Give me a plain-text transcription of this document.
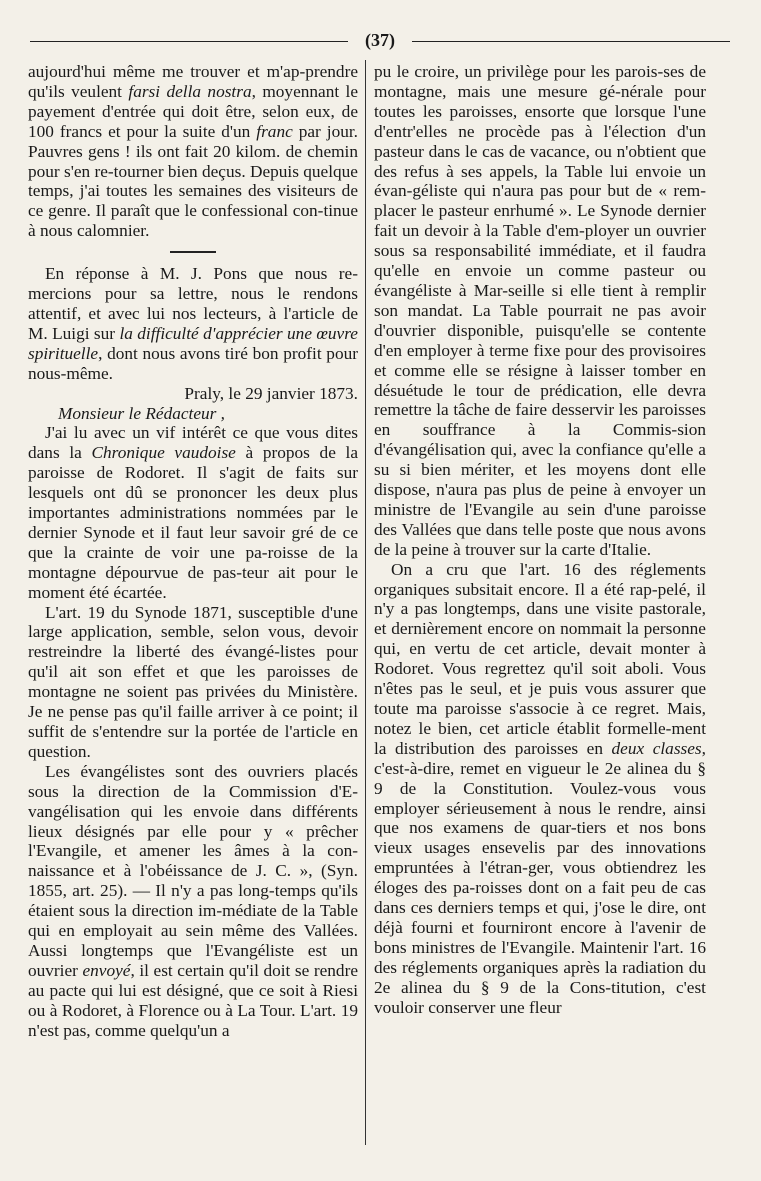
(37)

aujourd'hui même me trouver et m'ap-prendre qu'ils veulent farsi della nostra, moyennant le payement d'entrée qui doit être, selon eux, de 100 francs et pour la suite d'un franc par jour. Pauvres gens ! ils ont fait 20 kilom. de chemin pour s'en re-tourner bien deçus. Depuis quelque temps, j'ai toutes les semaines des visiteurs de ce genre. Il paraît que le confessional con-tinue à nous calomnier.

En réponse à M. J. Pons que nous re-mercions pour sa lettre, nous le rendons attentif, et avec lui nos lecteurs, à l'article de M. Luigi sur la difficulté d'apprécier une œuvre spirituelle, dont nous avons tiré bon profit pour nous-même.

Praly, le 29 janvier 1873.

Monsieur le Rédacteur ,

J'ai lu avec un vif intérêt ce que vous dites dans la Chronique vaudoise à propos de la paroisse de Rodoret. Il s'agit de faits sur lesquels ont dû se prononcer les deux plus importantes administrations nommées par le dernier Synode et il faut leur savoir gré de ce que la crainte de voir une pa-roisse de la montagne dépourvue de pas-teur ait pour le moment été écartée.

L'art. 19 du Synode 1871, susceptible d'une large application, semble, selon vous, devoir restreindre la liberté des évangé-listes pour qu'il ait son effet et que les paroisses de montagne ne soient pas privées du Ministère. Je ne pense pas qu'il faille arriver à ce point; il suffit de s'entendre sur la portée de l'article en question.

Les évangélistes sont des ouvriers placés sous la direction de la Commission d'E-vangélisation qui les envoie dans différents lieux désignés par elle pour y « prêcher l'Evangile, et amener les âmes à la con-naissance et à l'obéissance de J. C. », (Syn. 1855, art. 25). — Il n'y a pas long-temps qu'ils étaient sous la direction im-médiate de la Table qui en employait au sein même des Vallées. Aussi longtemps que l'Evangéliste est un ouvrier envoyé, il est certain qu'il doit se rendre au pacte qui lui est désigné, que ce soit à Riesi ou à Rodoret, à Florence ou à La Tour. L'art. 19 n'est pas, comme quelqu'un a

pu le croire, un privilège pour les parois-ses de montagne, mais une mesure gé-nérale pour toutes les paroisses, ensorte que lorsque l'une d'entr'elles ne procède pas à l'élection d'un pasteur dans le cas de vacance, ou n'obtient que des refus à ses appels, la Table lui envoie un évan-géliste qui n'aura pas pour but de « rem-placer le pasteur enrhumé ». Le Synode dernier fait un devoir à la Table d'em-ployer un ouvrier sous sa responsabilité immédiate, et il faudra qu'elle en envoie un comme pasteur ou évangéliste à Mar-seille si elle tient à remplir son mandat. La Table pourrait ne pas avoir d'ouvrier disponible, puisqu'elle se contente d'en employer à terme fixe pour des provisoires et comme elle se résigne à laisser tomber en désuétude le tour de prédication, elle devra remettre la tâche de faire desservir les paroisses en souffrance à la Commis-sion d'évangélisation qui, avec la confiance qu'elle a su si bien mériter, et les moyens dont elle dispose, n'aura pas plus de peine à envoyer un ministre de l'Evangile au sein d'une paroisse des Vallées que dans telle poste que nous avons de la peine à trouver sur la carte d'Italie.

On a cru que l'art. 16 des réglements organiques subsitait encore. Il a été rap-pelé, il n'y a pas longtemps, dans une visite pastorale, et dernièrement encore on nommait la personne qui, en vertu de cet article, devait monter à Rodoret. Vous regrettez qu'il soit aboli. Vous n'êtes pas le seul, et je puis vous assurer que toute ma paroisse s'associe à ce regret. Mais, notez le bien, cet article établit formelle-ment la distribution des paroisses en deux classes, c'est-à-dire, remet en vigueur le 2e alinea du § 9 de la Constitution. Voulez-vous vous employer sérieusement à nous le rendre, ainsi que nos examens de quar-tiers et nos bons vieux usages ensevelis par des innovations empruntées à l'étran-ger, vous obtiendrez les éloges des pa-roisses dont on a fait peu de cas dans ces derniers temps et qui, j'ose le dire, ont déjà fourni et fourniront encore à l'avenir de bons ministres de l'Evangile. Maintenir l'art. 16 des réglements organiques après la radiation du 2e alinea du § 9 de la Cons-titution, c'est vouloir conserver une fleur
